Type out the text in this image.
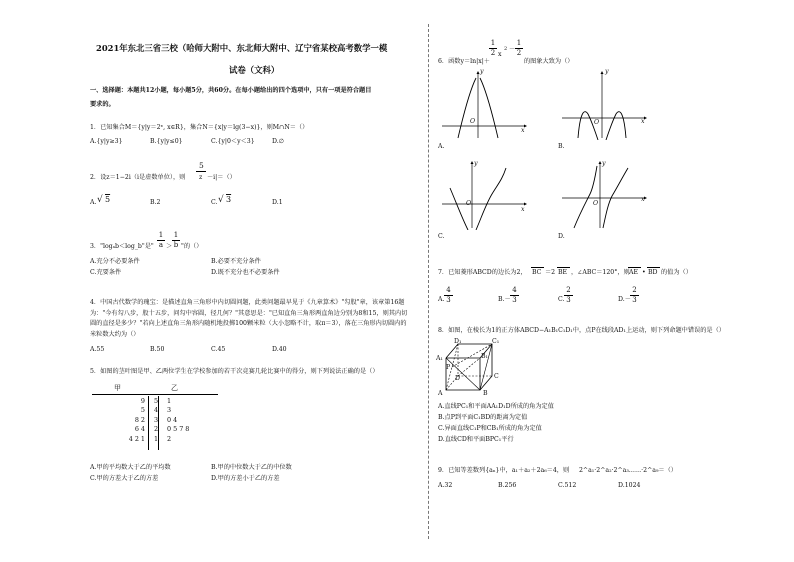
2021年东北三省三校（哈师大附中、东北师大附中、辽宁省某校高考数学一模
试卷（文科）
一、选择题：本题共12小题，每小题5分，共60分。在每小题给出的四个选项中，只有一项是符合题目
要求的。
1．已知集合M＝{y|y＝2ˣ, x∈R}，集合N＝{x|y＝lg(3−x)}，则M∩N＝（）
A.{y|y≥3}	B.{y|y≤0}	C.{y|0＜y＜3}	D.∅
5
2．设z＝1−2i（i是虚数单位），则 z －i|＝（）
A. √ 5	B.2	C. √ 3	D.1
3．"logₐb＜log_b"是"
1
a ＞
1
b "的（）
A.充分不必要条件	B.必要不充分条件
C.充要条件	D.既不充分也不必要条件
4．中国古代数学的瑰宝：是描述直角三角形中内切圆问题，此类问题最早见于《九章算术》"勾股"章，该章第16题为："今有勾八步，股十五步，问勾中容圆，径几何？"其意思是："已知直角三角形两直角边分别为8和15，则其内切圆的直径是多少？"若向上述直角三角形内随机地投掷100颗米粒（大小忽略不计，取π＝3），落在三角形内切圆内的米粒数大约为（）
A.55	B.50	C.45	D.40
5．如图的茎叶图是甲、乙两位学生在学校参加的若干次竞赛几轮比赛中的得分，则下列说法正确的是（）
甲	乙
9	5	1
5	4	3
8 2	3	0 4
6 4	2	0 5 7 8
4 2 1	1	2
A.甲的平均数大于乙的平均数	B.甲的中位数大于乙的中位数
C.甲的方差大于乙的方差	D.甲的方差小于乙的方差
6．函数y＝ln|x|＋
1
2 x
2 －
1
2
的图象大致为（）
y
x
O
A.
y
x
O
B.
y
x
O
C.
y
x
O
D.
7．已知菱形ABCD的边长为2， BC ＝2 BE ，∠ABC＝120°，则 AE • BD 的值为（）
A.
4
3	B.－
4
3	C.
2
3	D.－
2
3
8．如图，在棱长为1的正方体ABCD−A₁B₁C₁D₁中，点P在线段AD₁上运动，则下列命题中错误的是（）
A₁
D₁	C₁
B₁
P
D	C
A	B
A.直线PC₁和平面AA₁D₁D所成的角为定值
B.点P到平面C₁BD的距离为定值
C.异面直线C₁P和CB₁所成的角为定值
D.直线CD和平面BPC₁平行
9．已知等差数列{aₙ}中，a₁＋a₂＋2a₆＝4，则 2^a₁·2^a₂·2^a₃……·2^a₉＝（）
A.32	B.256	C.512	D.1024
